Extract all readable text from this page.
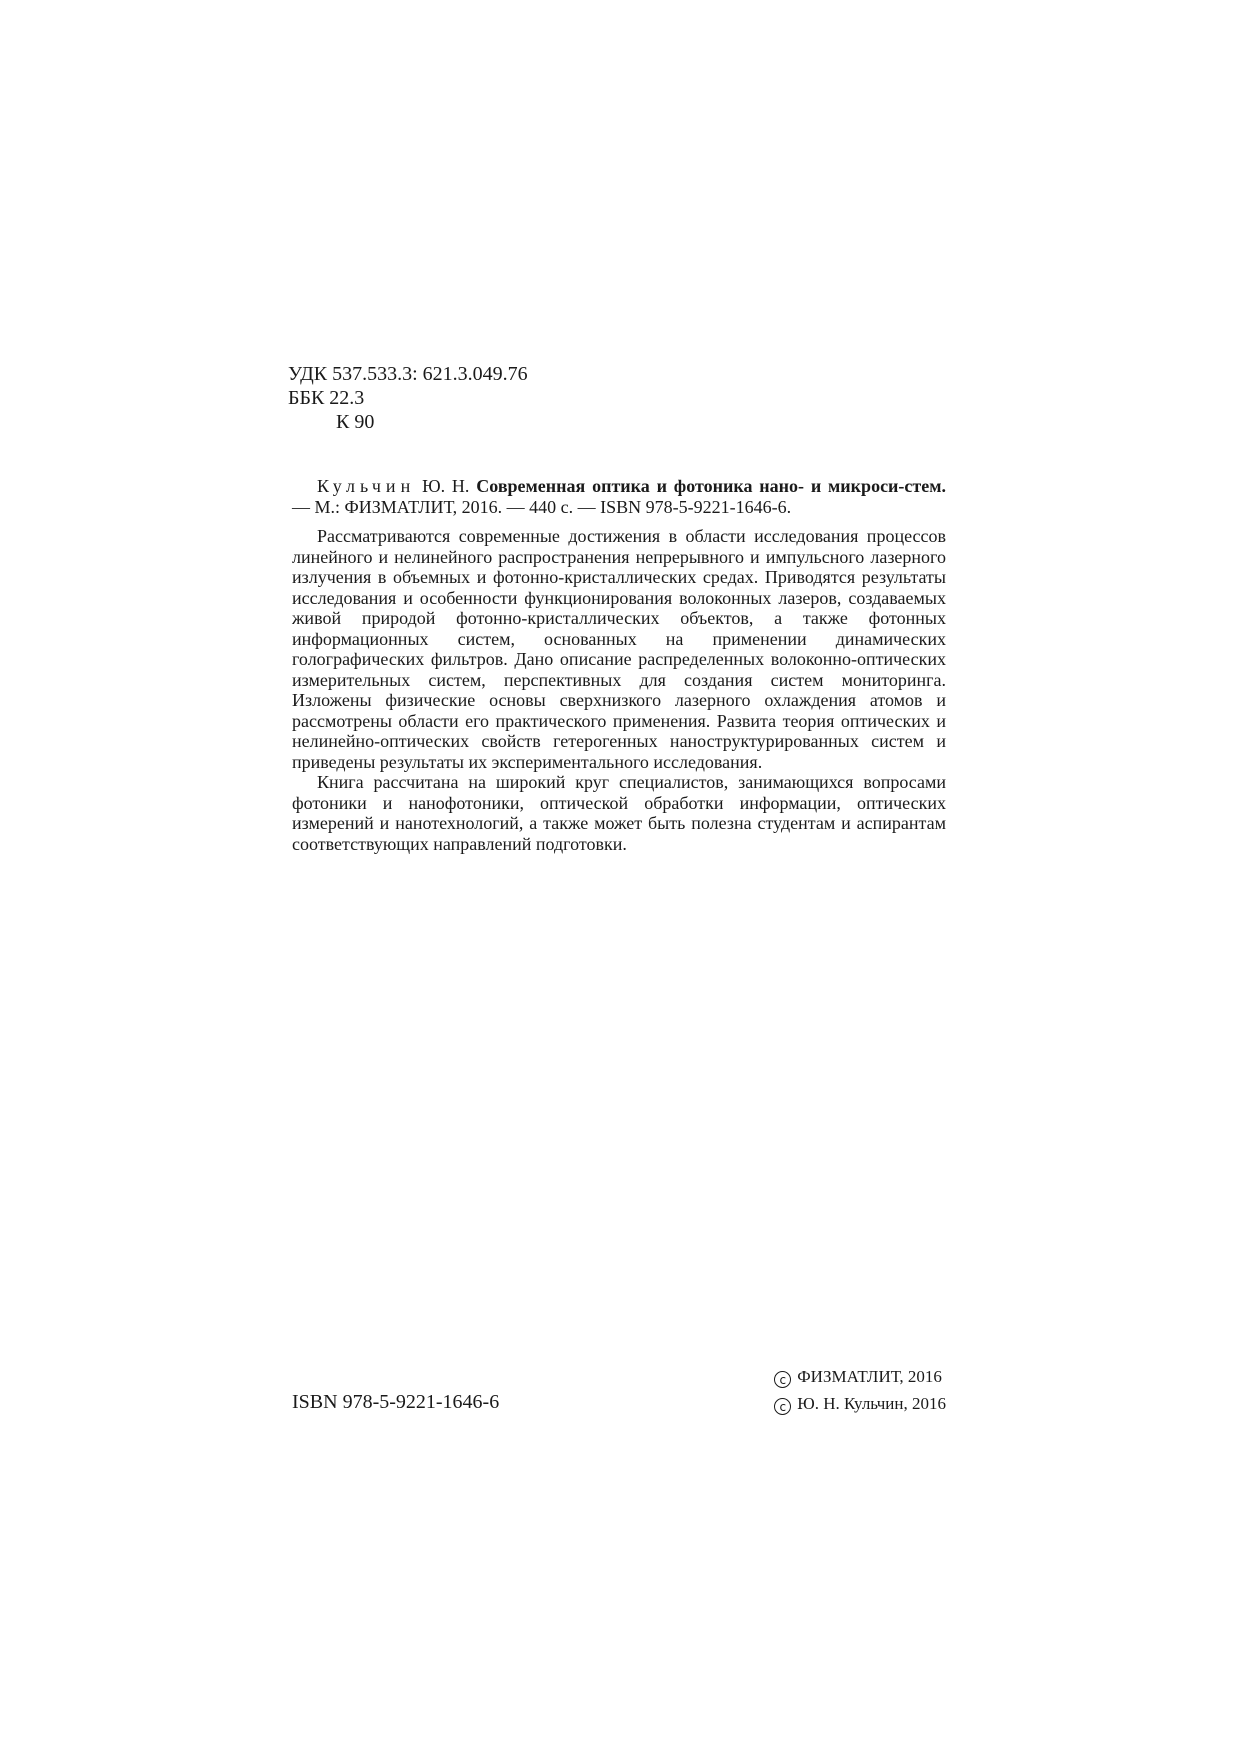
УДК 537.533.3: 621.3.049.76
ББК 22.3
К 90
Кульчин Ю. Н. Современная оптика и фотоника нано- и микроси-стем. — М.: ФИЗМАТЛИТ, 2016. — 440 с. — ISBN 978-5-9221-1646-6.

Рассматриваются современные достижения в области исследования процессов линейного и нелинейного распространения непрерывного и импульсного лазерного излучения в объемных и фотонно-кристаллических средах. Приводятся результаты исследования и особенности функционирования волоконных лазеров, создаваемых живой природой фотонно-кристаллических объектов, а также фотонных информационных систем, основанных на применении динамических голографических фильтров. Дано описание распределенных волоконно-оптических измерительных систем, перспективных для создания систем мониторинга. Изложены физические основы сверхнизкого лазерного охлаждения атомов и рассмотрены области его практического применения. Развита теория оптических и нелинейно-оптических свойств гетерогенных наноструктурированных систем и приведены результаты их экспериментального исследования.

Книга рассчитана на широкий круг специалистов, занимающихся вопросами фотоники и нанофотоники, оптической обработки информации, оптических измерений и нанотехнологий, а также может быть полезна студентам и аспирантам соответствующих направлений подготовки.

ISBN 978-5-9221-1646-6
c ФИЗМАТЛИТ, 2016
c Ю. Н. Кульчин, 2016
